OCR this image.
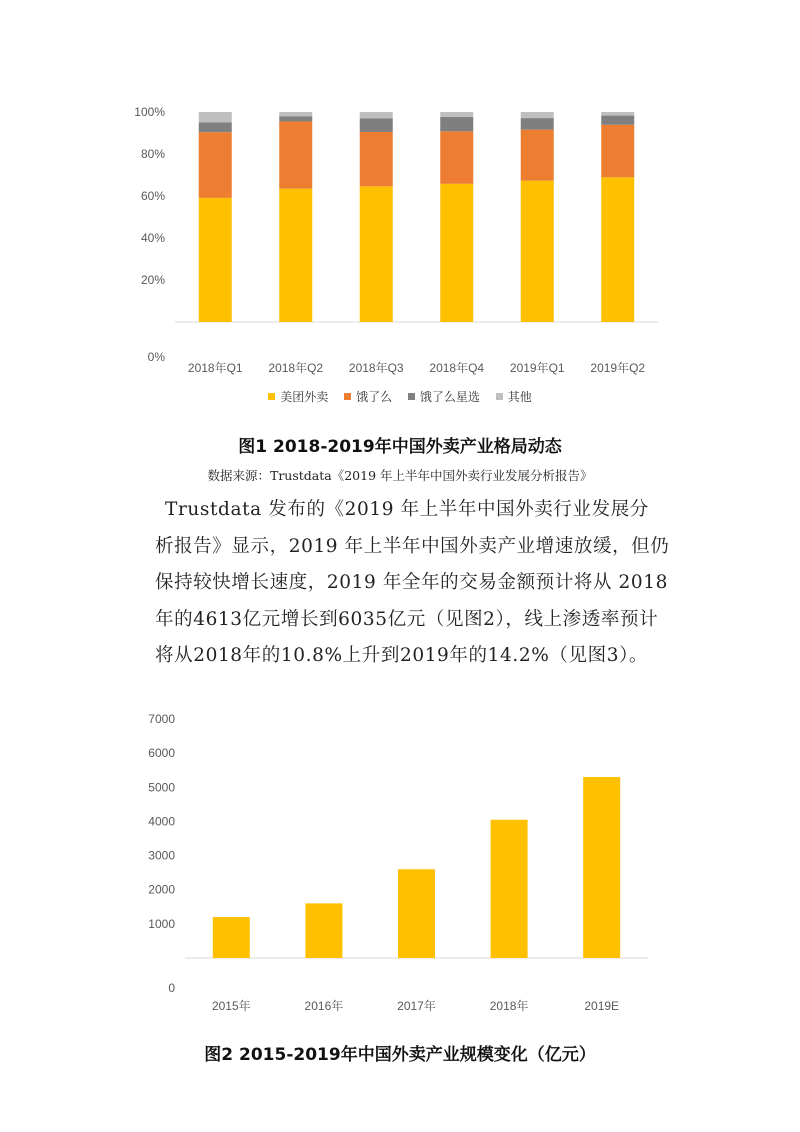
0%
20%
40%
60%
80%
100%
2018年Q1 2018年Q2 2018年Q3 2018年Q4 2019年Q1 2019年Q2
美团外卖 饿了么 饿了么星选 其他
图1 2018-2019年中国外卖产业格局动态
数据来源：Trustdata《2019 年上半年中国外卖行业发展分析报告》

Trustdata 发布的《2019 年上半年中国外卖行业发展分

析报告》显示，2019 年上半年中国外卖产业增速放缓，但仍

保持较快增长速度，2019 年全年的交易金额预计将从 2018

年的4613亿元增长到6035亿元（见图2），线上渗透率预计

将从2018年的10.8%上升到2019年的14.2%（见图3）。

0
1000
2000
3000
4000
5000
6000
7000
2015年	2016年	2017年	2018年	2019E
图2 2015-2019年中国外卖产业规模变化（亿元）
